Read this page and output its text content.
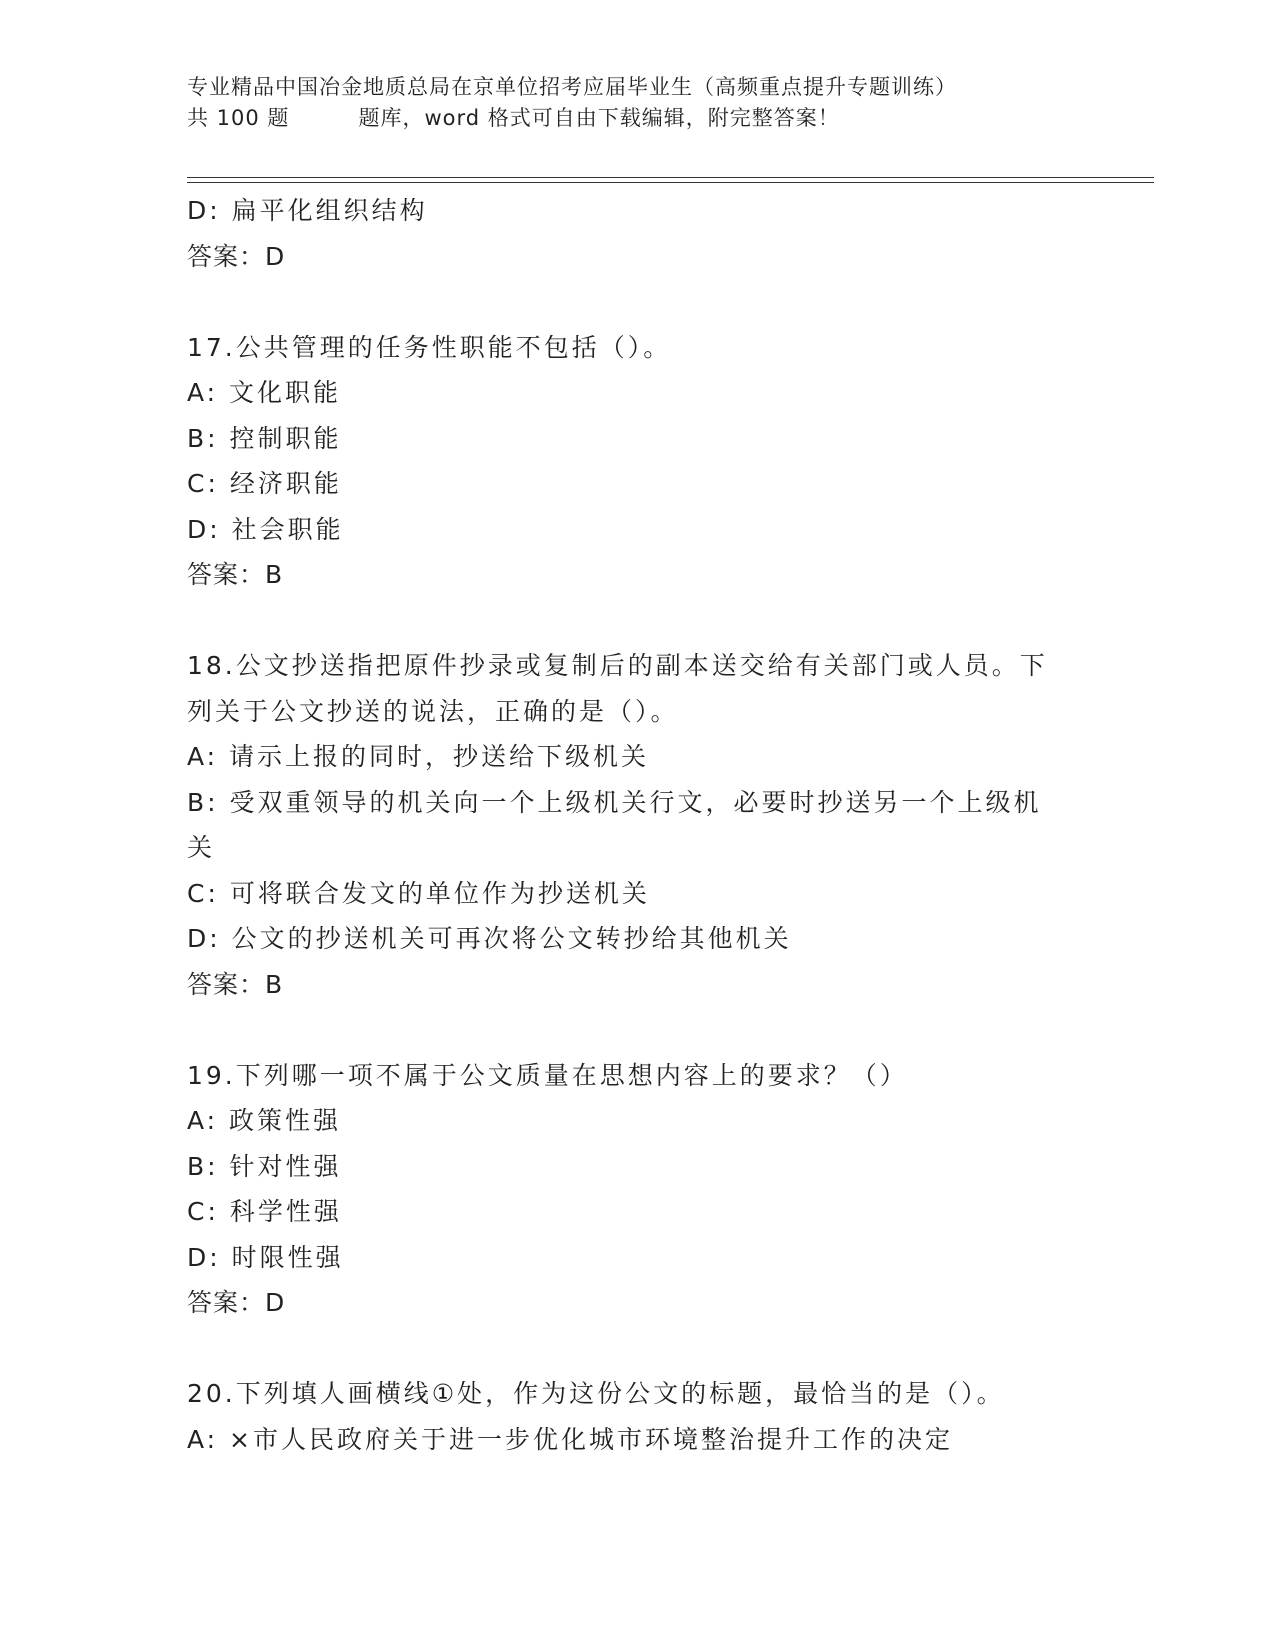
专业精品中国冶金地质总局在京单位招考应届毕业生（高频重点提升专题训练）
共 100 题         题库，word 格式可自由下载编辑，附完整答案！

D: 扁平化组织结构

答案：D

17.公共管理的任务性职能不包括（）。

A: 文化职能

B: 控制职能

C: 经济职能

D: 社会职能

答案：B

18.公文抄送指把原件抄录或复制后的副本送交给有关部门或人员。下

列关于公文抄送的说法，正确的是（）。

A: 请示上报的同时，抄送给下级机关

B: 受双重领导的机关向一个上级机关行文，必要时抄送另一个上级机

关

C: 可将联合发文的单位作为抄送机关

D: 公文的抄送机关可再次将公文转抄给其他机关

答案：B

19.下列哪一项不属于公文质量在思想内容上的要求？（）

A: 政策性强

B: 针对性强

C: 科学性强

D: 时限性强

答案：D

20.下列填人画横线①处，作为这份公文的标题，最恰当的是（）。

A: ×市人民政府关于进一步优化城市环境整治提升工作的决定
